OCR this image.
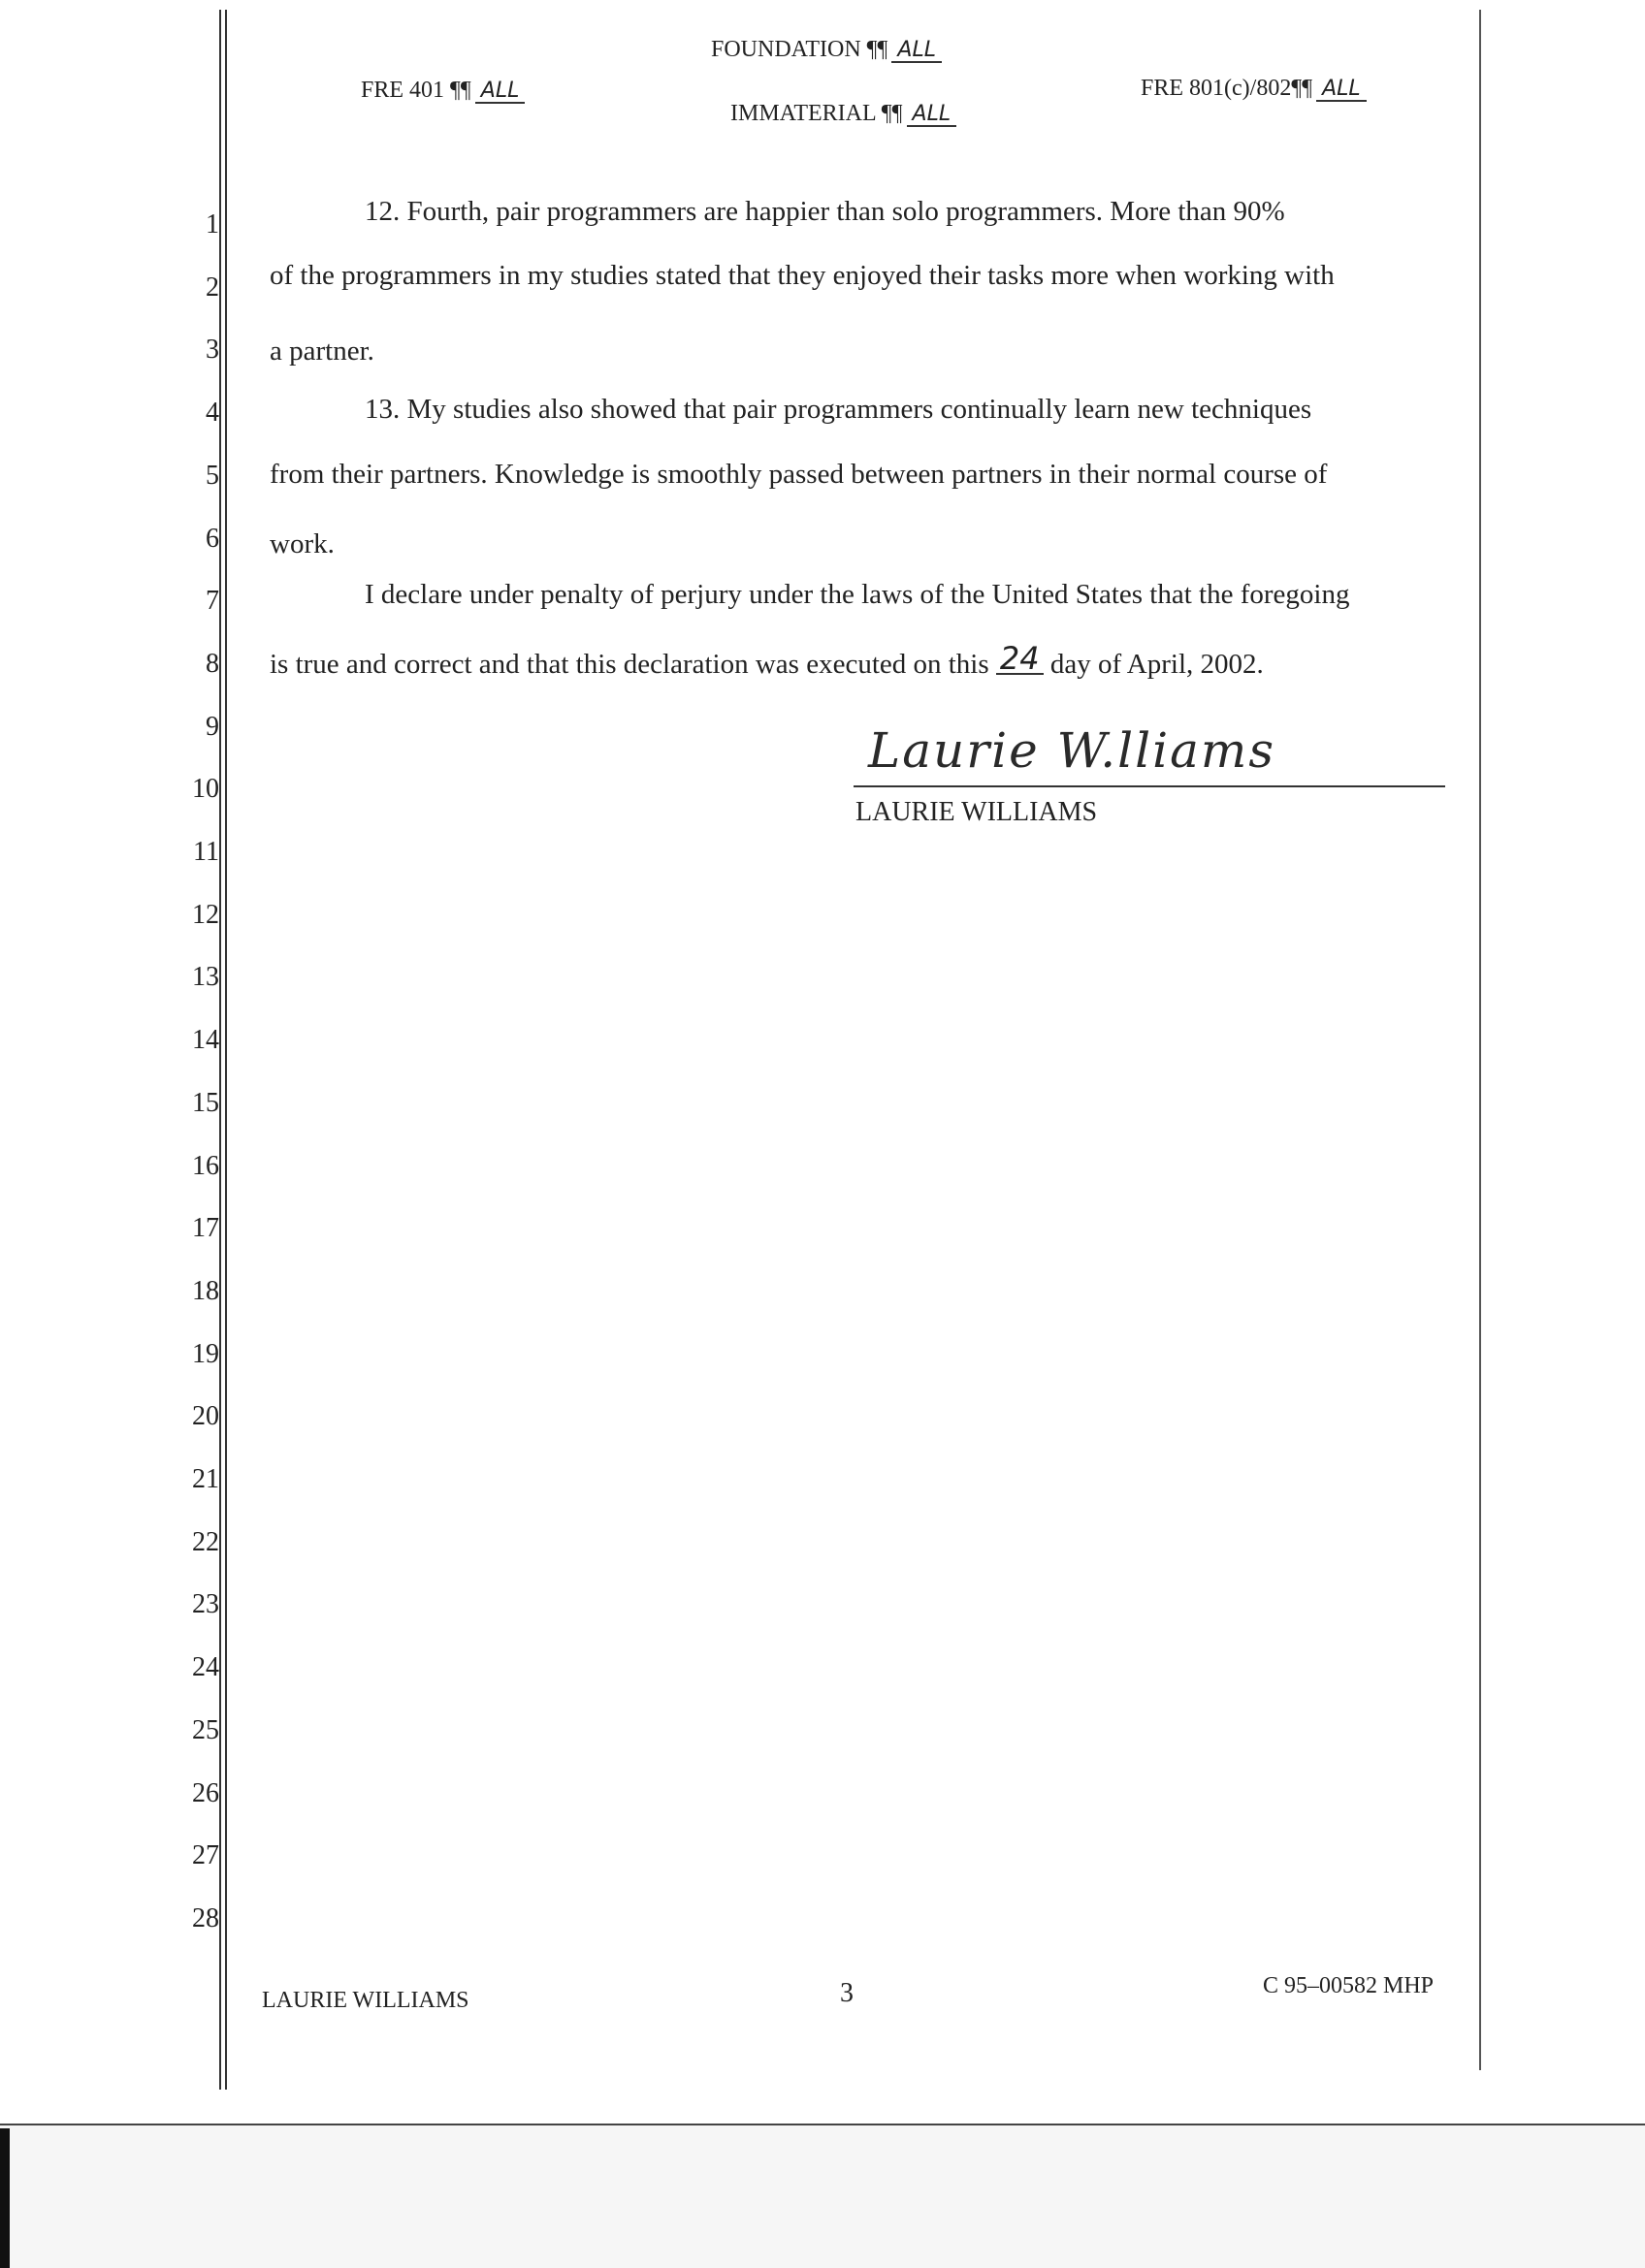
1
2
3
4
5
6
7
8
9
10
11
12
13
14
15
16
17
18
19
20
21
22
23
24
25
26
27
28
FRE 401 ¶¶ ALL
FOUNDATION ¶¶ ALL
IMMATERIAL ¶¶ ALL
FRE 801(c)/802¶¶ ALL
12. Fourth, pair programmers are happier than solo programmers. More than 90%
of the programmers in my studies stated that they enjoyed their tasks more when working with
a partner.
13. My studies also showed that pair programmers continually learn new techniques
from their partners. Knowledge is smoothly passed between partners in their normal course of
work.
I declare under penalty of perjury under the laws of the United States that the foregoing
is true and correct and that this declaration was executed on this 24 day of April, 2002.
Laurie W.lliams
LAURIE WILLIAMS
LAURIE WILLIAMS	3	C 95–00582 MHP
